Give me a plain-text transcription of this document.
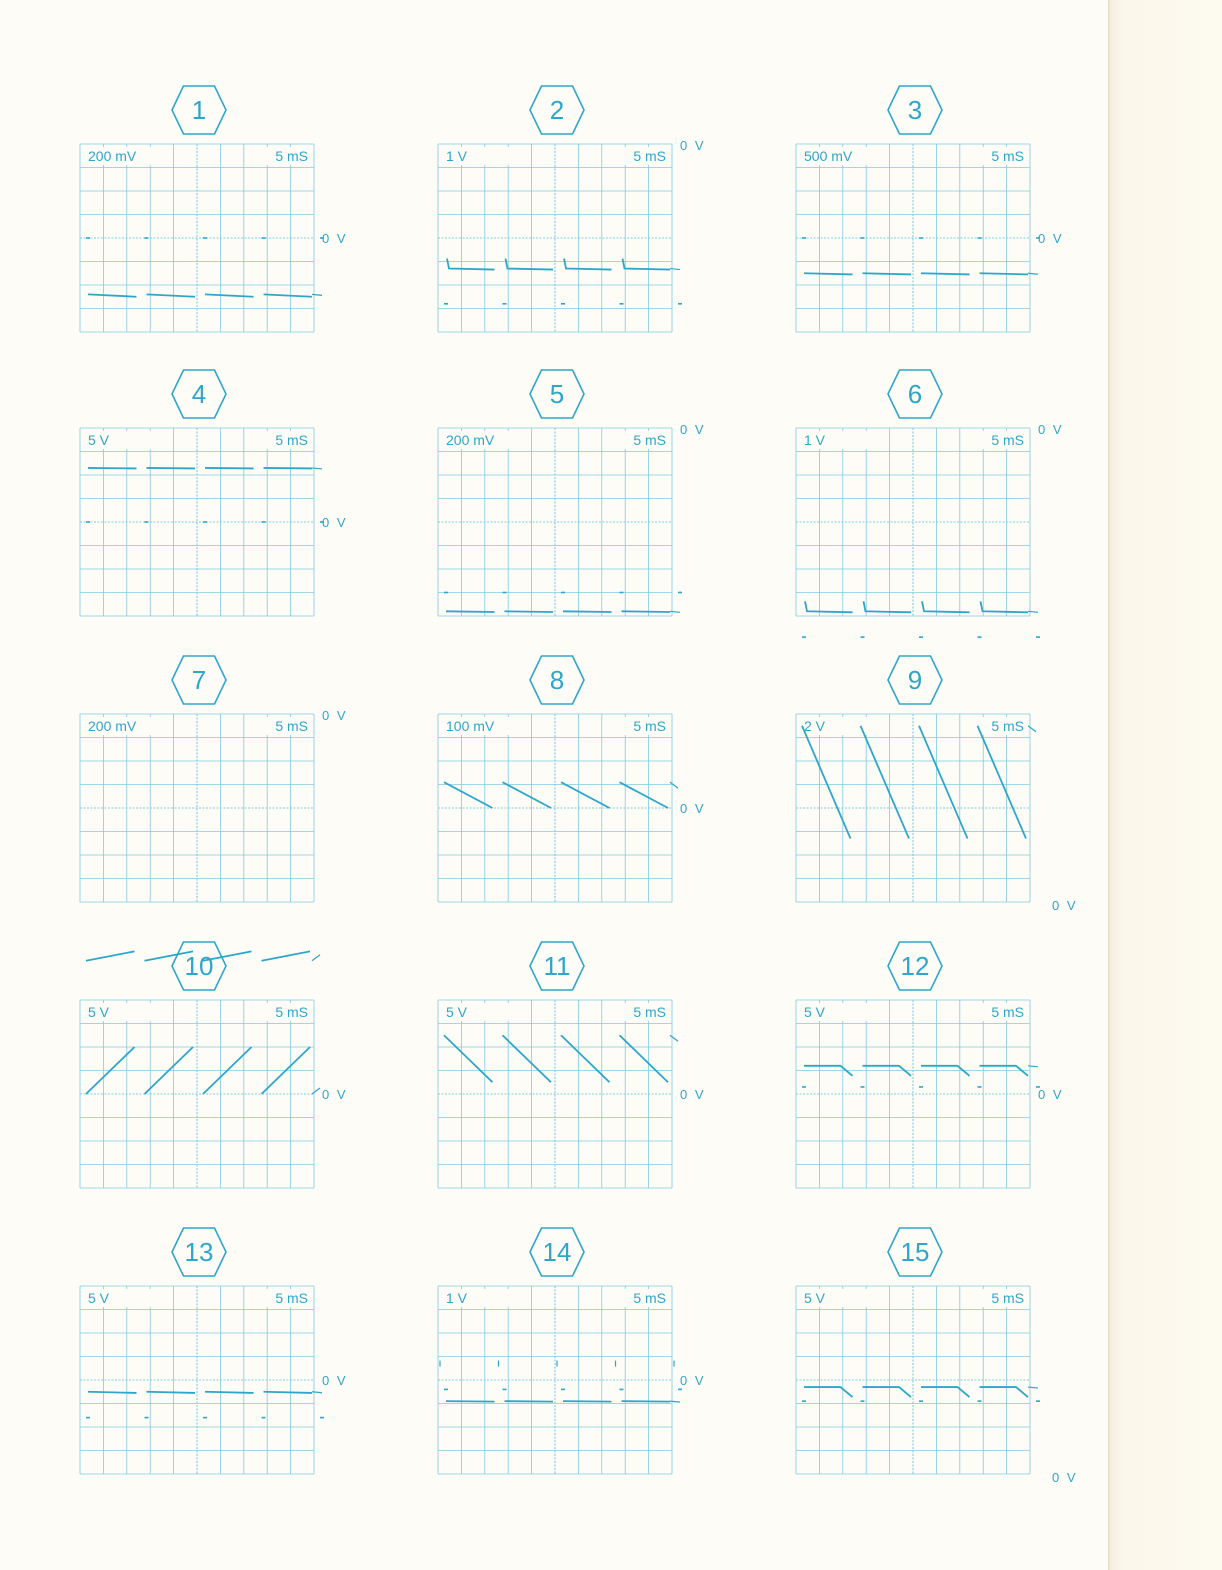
1
200 mV	5 mS
0 V
2
1 V	5 mS
0 V
3
500 mV	5 mS
0 V
4
5 V	5 mS
0 V
5
200 mV	5 mS
0 V
6
1 V	5 mS
0 V
7
200 mV	5 mS
0 V
8
100 mV	5 mS
0 V
9
2 V	5 mS
0 V
10
5 V	5 mS
0 V
11
5 V	5 mS
0 V
12
5 V	5 mS
0 V
13
5 V	5 mS
0 V
14
1 V	5 mS
0 V
15
5 V	5 mS
0 V
